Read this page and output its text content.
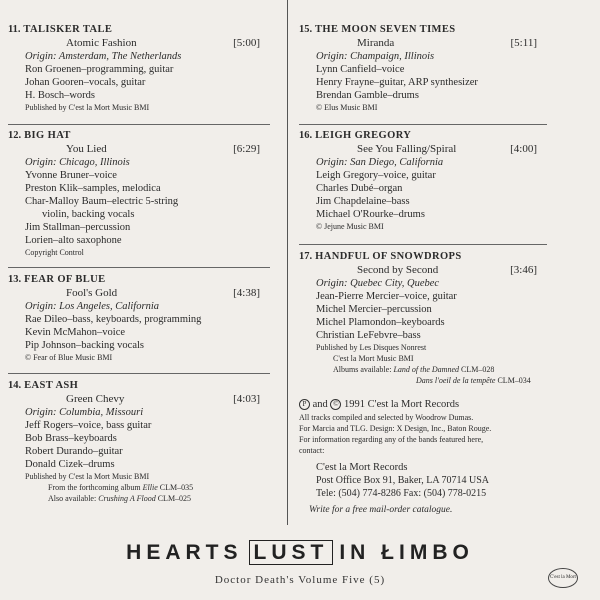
11. TALISKER TALE
Atomic Fashion	[5:00]
Origin: Amsterdam, The Netherlands
Ron Groenen–programming, guitar
Johan Gooren–vocals, guitar
H. Bosch–words
Published by C'est la Mort Music BMI
12. BIG HAT
You Lied	[6:29]
Origin: Chicago, Illinois
Yvonne Bruner–voice
Preston Klik–samples, melodica
Char-Malloy Baum–electric 5-string
violin, backing vocals
Jim Stallman–percussion
Lorien–alto saxophone
Copyright Control
13. FEAR OF BLUE
Fool's Gold	[4:38]
Origin: Los Angeles, California
Rae Dileo–bass, keyboards, programming
Kevin McMahon–voice
Pip Johnson–backing vocals
© Fear of Blue Music BMI
14. EAST ASH
Green Chevy	[4:03]
Origin: Columbia, Missouri
Jeff Rogers–voice, bass guitar
Bob Brass–keyboards
Robert Durando–guitar
Donald Cizek–drums
Published by C'est la Mort Music BMI
From the forthcoming album Ellie CLM–035
Also available: Crushing A Flood CLM–025
15. THE MOON SEVEN TIMES
Miranda	[5:11]
Origin: Champaign, Illinois
Lynn Canfield–voice
Henry Frayne–guitar, ARP synthesizer
Brendan Gamble–drums
© Elus Music BMI
16. LEIGH GREGORY
See You Falling/Spiral	[4:00]
Origin: San Diego, California
Leigh Gregory–voice, guitar
Charles Dubé–organ
Jim Chapdelaine–bass
Michael O'Rourke–drums
© Jejune Music BMI
17. HANDFUL OF SNOWDROPS
Second by Second	[3:46]
Origin: Quebec City, Quebec
Jean-Pierre Mercier–voice, guitar
Michel Mercier–percussion
Michel Plamondon–keyboards
Christian LeFebvre–bass
Published by Les Disques Nonrest
C'est la Mort Music BMI
Albums available: Land of the Damned CLM–028
Dans l'oeil de la tempête CLM–034
P and © 1991 C'est la Mort Records
All tracks compiled and selected by Woodrow Dumas.
For Marcia and TLG. Design: X Design, Inc., Baton Rouge.
For information regarding any of the bands featured here,
contact:
C'est la Mort Records
Post Office Box 91, Baker, LA 70714 USA
Tele: (504) 774-8286 Fax: (504) 778-0215
Write for a free mail-order catalogue.
HEARTS LUST IN ŁIMBO
Doctor Death's Volume Five (5)	C'est la Mort
